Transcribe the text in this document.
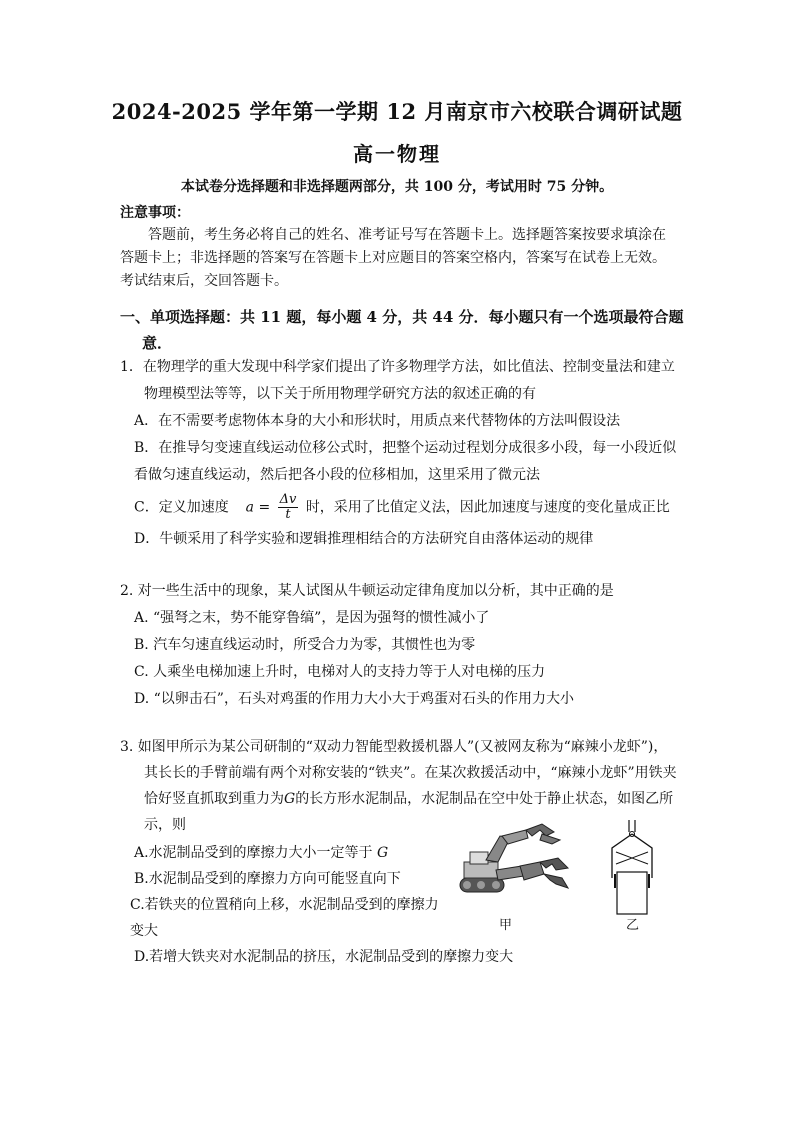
2024-2025 学年第一学期 12 月南京市六校联合调研试题
高一物理
本试卷分选择题和非选择题两部分，共 100 分，考试用时 75 分钟。
注意事项：
答题前，考生务必将自己的姓名、准考证号写在答题卡上。选择题答案按要求填涂在答题卡上；非选择题的答案写在答题卡上对应题目的答案空格内，答案写在试卷上无效。考试结束后，交回答题卡。
一、单项选择题：共 11 题，每小题 4 分，共 44 分．每小题只有一个选项最符合题意．
1．在物理学的重大发现中科学家们提出了许多物理学方法，如比值法、控制变量法和建立物理模型法等等，以下关于所用物理学研究方法的叙述正确的有
A．在不需要考虑物体本身的大小和形状时，用质点来代替物体的方法叫假设法
B．在推导匀变速直线运动位移公式时，把整个运动过程划分成很多小段，每一小段近似看做匀速直线运动，然后把各小段的位移相加，这里采用了微元法
C．定义加速度 $a = \frac{\Delta v}{t}$ 时，采用了比值定义法，因此加速度与速度的变化量成正比
D．牛顿采用了科学实验和逻辑推理相结合的方法研究自由落体运动的规律
2. 对一些生活中的现象，某人试图从牛顿运动定律角度加以分析，其中正确的是
A. “强弩之末，势不能穿鲁缟”，是因为强弩的惯性减小了
B. 汽车匀速直线运动时，所受合力为零，其惯性也为零
C. 人乘坐电梯加速上升时，电梯对人的支持力等于人对电梯的压力
D. “以卵击石”，石头对鸡蛋的作用力大小大于鸡蛋对石头的作用力大小
3. 如图甲所示为某公司研制的“双动力智能型救援机器人”(又被网友称为“麻辣小龙虾”)，其长长的手臂前端有两个对称安装的“铁夹”。在某次救援活动中，“麻辣小龙虾”用铁夹恰好竖直抓取到重力为G的长方形水泥制品，水泥制品在空中处于静止状态，如图乙所示，则
A.水泥制品受到的摩擦力大小一定等于 G
B.水泥制品受到的摩擦力方向可能竖直向下
C.若铁夹的位置稍向上移，水泥制品受到的摩擦力
变大
D.若增大铁夹对水泥制品的挤压，水泥制品受到的摩擦力变大
甲	乙
